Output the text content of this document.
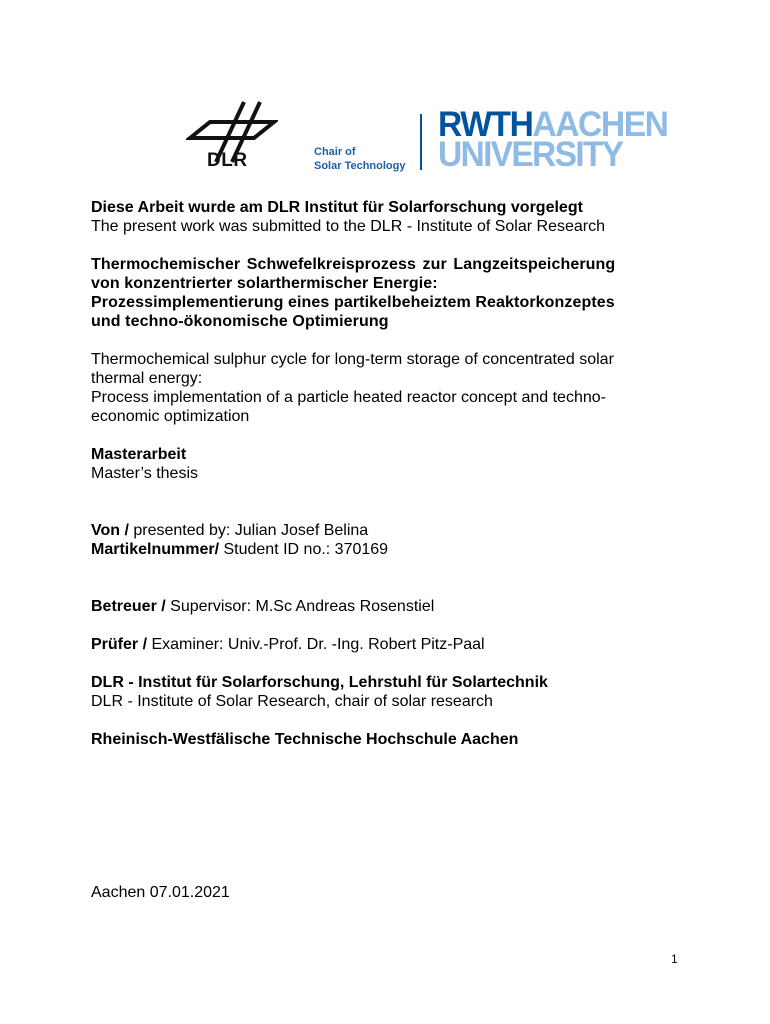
DLR	Chair of
Solar Technology
RWTHAACHEN
UNIVERSITY

Diese Arbeit wurde am DLR Institut für Solarforschung vorgelegt

The present work was submitted to the DLR - Institute of Solar Research

Thermochemischer Schwefelkreisprozess zur Langzeitspeicherung

von konzentrierter solarthermischer Energie:

Prozessimplementierung eines partikelbeheiztem Reaktorkonzeptes

und techno-ökonomische Optimierung

Thermochemical sulphur cycle for long-term storage of concentrated solar

thermal energy:

Process implementation of a particle heated reactor concept and techno-

economic optimization

Masterarbeit

Master’s thesis

Von / presented by: Julian Josef Belina

Martikelnummer/ Student ID no.: 370169

Betreuer / Supervisor: M.Sc Andreas Rosenstiel

Prüfer / Examiner: Univ.-Prof. Dr. -Ing. Robert Pitz-Paal

DLR - Institut für Solarforschung, Lehrstuhl für Solartechnik

DLR - Institute of Solar Research, chair of solar research

Rheinisch-Westfälische Technische Hochschule Aachen

Aachen 07.01.2021
1
